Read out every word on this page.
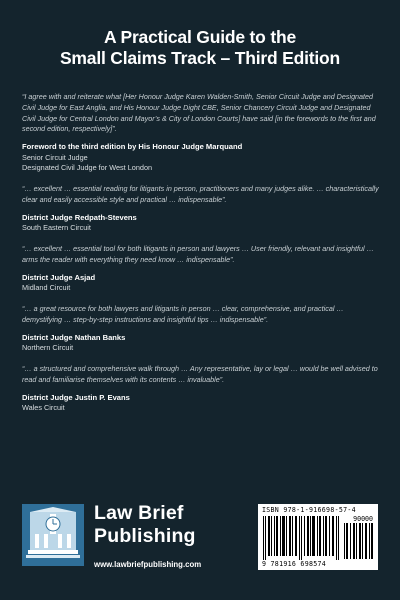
A Practical Guide to the
Small Claims Track – Third Edition

“I agree with and reiterate what [Her Honour Judge Karen Walden-Smith, Senior Circuit Judge and Designated Civil Judge for East Anglia, and His Honour Judge Dight CBE, Senior Chancery Circuit Judge and Designated Civil Judge for Central London and Mayor’s & City of London Courts] have said [in the forewords to the first and second edition, respectively]”.

Foreword to the third edition by His Honour Judge Marquand
Senior Circuit Judge
Designated Civil Judge for West London

“… excellent … essential reading for litigants in person, practitioners and many judges alike. … characteristically clear and easily accessible style and practical … indispensable”.

District Judge Redpath-Stevens
South Eastern Circuit

“… excellent … essential tool for both litigants in person and lawyers … User friendly, relevant and insightful … arms the reader with everything they need know … indispensable”.

District Judge Asjad
Midland Circuit

“… a great resource for both lawyers and litigants in person … clear, comprehensive, and practical … demystifying … step-by-step instructions and insightful tips … indispensable”.

District Judge Nathan Banks
Northern Circuit

“… a structured and comprehensive walk through … Any representative, lay or legal … would be well advised to read and familiarise themselves with its contents … invaluable”.

District Judge Justin P. Evans
Wales Circuit
Law Brief
Publishing
www.lawbriefpublishing.com
ISBN 978-1-916698-57-4
90000
9 781916 698574
